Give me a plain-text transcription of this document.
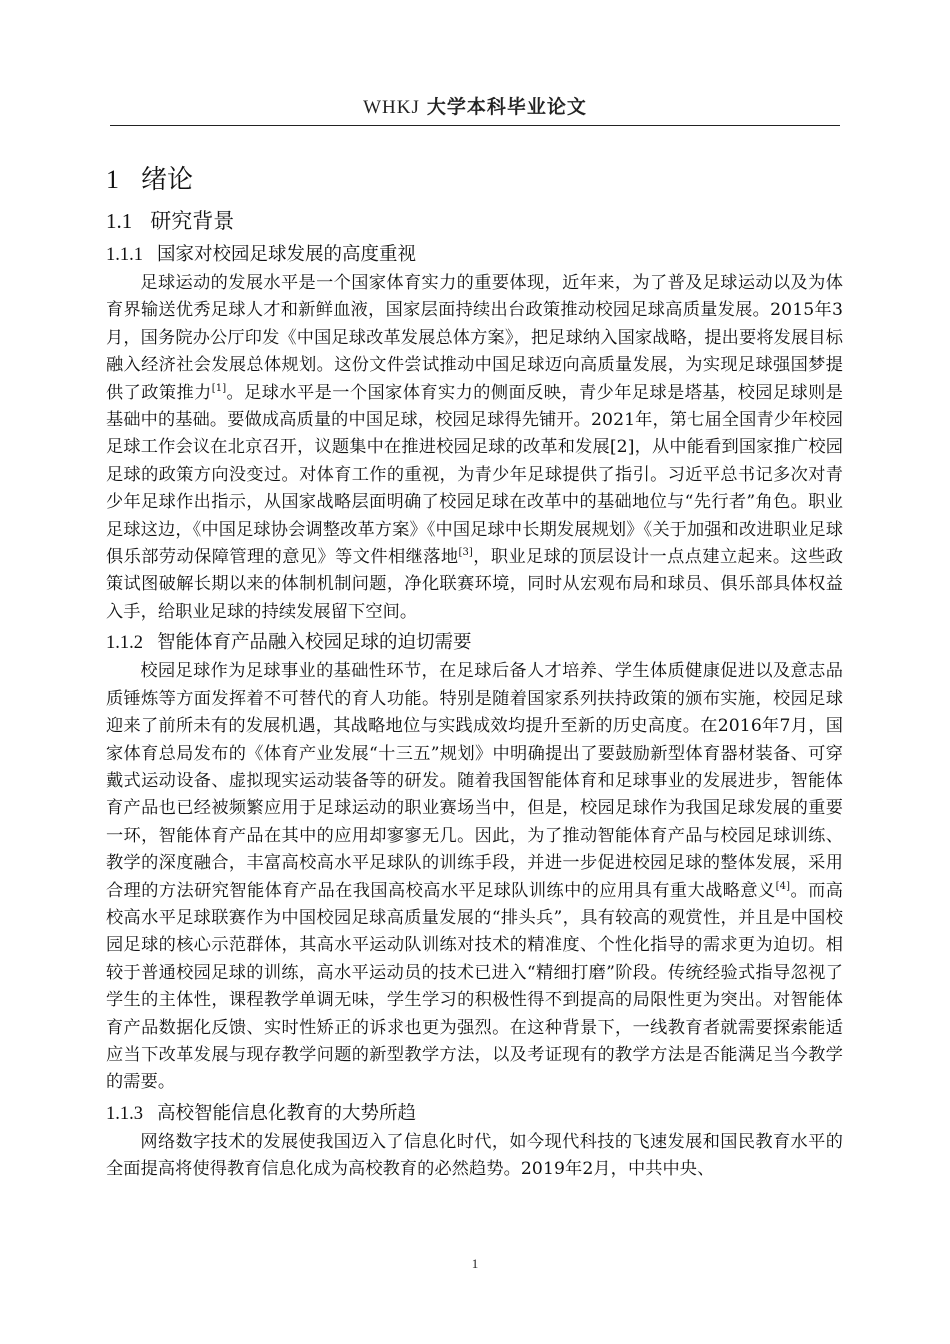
WHKJ 大学本科毕业论文
1 绪论
1.1 研究背景
1.1.1 国家对校园足球发展的高度重视

足球运动的发展水平是一个国家体育实力的重要体现，近年来，为了普及足球运动以及为体育界输送优秀足球人才和新鲜血液，国家层面持续出台政策推动校园足球高质量发展。2015年3月，国务院办公厅印发《中国足球改革发展总体方案》，把足球纳入国家战略，提出要将发展目标融入经济社会发展总体规划。这份文件尝试推动中国足球迈向高质量发展，为实现足球强国梦提供了政策推力[1]。足球水平是一个国家体育实力的侧面反映，青少年足球是塔基，校园足球则是基础中的基础。要做成高质量的中国足球，校园足球得先铺开。2021年，第七届全国青少年校园足球工作会议在北京召开，议题集中在推进校园足球的改革和发展[2]，从中能看到国家推广校园足球的政策方向没变过。对体育工作的重视，为青少年足球提供了指引。习近平总书记多次对青少年足球作出指示，从国家战略层面明确了校园足球在改革中的基础地位与“先行者”角色。职业足球这边，《中国足球协会调整改革方案》《中国足球中长期发展规划》《关于加强和改进职业足球俱乐部劳动保障管理的意见》等文件相继落地[3]，职业足球的顶层设计一点点建立起来。这些政策试图破解长期以来的体制机制问题，净化联赛环境，同时从宏观布局和球员、俱乐部具体权益入手，给职业足球的持续发展留下空间。

1.1.2 智能体育产品融入校园足球的迫切需要

校园足球作为足球事业的基础性环节，在足球后备人才培养、学生体质健康促进以及意志品质锤炼等方面发挥着不可替代的育人功能。特别是随着国家系列扶持政策的颁布实施，校园足球迎来了前所未有的发展机遇，其战略地位与实践成效均提升至新的历史高度。在2016年7月，国家体育总局发布的《体育产业发展“十三五”规划》中明确提出了要鼓励新型体育器材装备、可穿戴式运动设备、虚拟现实运动装备等的研发。随着我国智能体育和足球事业的发展进步，智能体育产品也已经被频繁应用于足球运动的职业赛场当中，但是，校园足球作为我国足球发展的重要一环，智能体育产品在其中的应用却寥寥无几。因此，为了推动智能体育产品与校园足球训练、教学的深度融合，丰富高校高水平足球队的训练手段，并进一步促进校园足球的整体发展，采用合理的方法研究智能体育产品在我国高校高水平足球队训练中的应用具有重大战略意义[4]。而高校高水平足球联赛作为中国校园足球高质量发展的“排头兵”，具有较高的观赏性，并且是中国校园足球的核心示范群体，其高水平运动队训练对技术的精准度、个性化指导的需求更为迫切。相较于普通校园足球的训练，高水平运动员的技术已进入“精细打磨”阶段。传统经验式指导忽视了学生的主体性，课程教学单调无味，学生学习的积极性得不到提高的局限性更为突出。对智能体育产品数据化反馈、实时性矫正的诉求也更为强烈。在这种背景下，一线教育者就需要探索能适应当下改革发展与现存教学问题的新型教学方法，以及考证现有的教学方法是否能满足当今教学的需要。

1.1.3 高校智能信息化教育的大势所趋

网络数字技术的发展使我国迈入了信息化时代，如今现代科技的飞速发展和国民教育水平的全面提高将使得教育信息化成为高校教育的必然趋势。2019年2月，中共中央、

1
